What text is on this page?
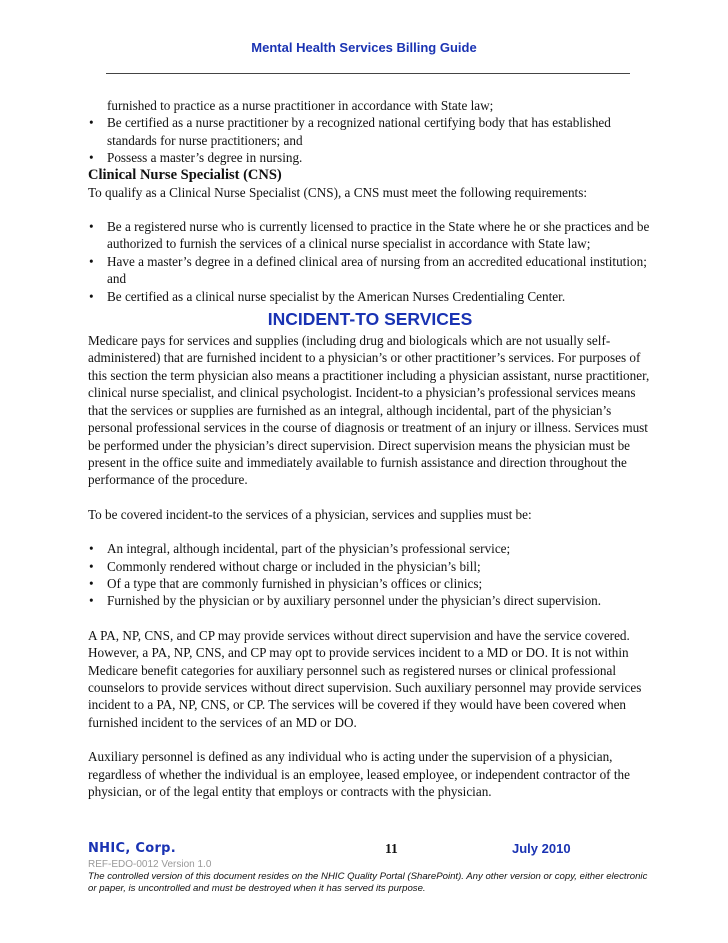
Mental Health Services Billing Guide

furnished to practice as a nurse practitioner in accordance with State law;

• Be certified as a nurse practitioner by a recognized national certifying body that has established standards for nurse practitioners; and
• Possess a master’s degree in nursing.
Clinical Nurse Specialist (CNS)

To qualify as a Clinical Nurse Specialist (CNS), a CNS must meet the following requirements:

• Be a registered nurse who is currently licensed to practice in the State where he or she practices and be authorized to furnish the services of a clinical nurse specialist in accordance with State law;
• Have a master’s degree in a defined clinical area of nursing from an accredited educational institution; and
• Be certified as a clinical nurse specialist by the American Nurses Credentialing Center.
INCIDENT-TO SERVICES

Medicare pays for services and supplies (including drug and biologicals which are not usually self-administered) that are furnished incident to a physician’s or other practitioner’s services. For purposes of this section the term physician also means a practitioner including a physician assistant, nurse practitioner, clinical nurse specialist, and clinical psychologist. Incident-to a physician’s professional services means that the services or supplies are furnished as an integral, although incidental, part of the physician’s personal professional services in the course of diagnosis or treatment of an injury or illness. Services must be performed under the physician’s direct supervision. Direct supervision means the physician must be present in the office suite and immediately available to furnish assistance and direction throughout the performance of the procedure.

To be covered incident-to the services of a physician, services and supplies must be:

• An integral, although incidental, part of the physician’s professional service;
• Commonly rendered without charge or included in the physician’s bill;
• Of a type that are commonly furnished in physician’s offices or clinics;
• Furnished by the physician or by auxiliary personnel under the physician’s direct supervision.

A PA, NP, CNS, and CP may provide services without direct supervision and have the service covered. However, a PA, NP, CNS, and CP may opt to provide services incident to a MD or DO. It is not within Medicare benefit categories for auxiliary personnel such as registered nurses or clinical professional counselors to provide services without direct supervision. Such auxiliary personnel may provide services incident to a PA, NP, CNS, or CP. The services will be covered if they would have been covered when furnished incident to the services of an MD or DO.

Auxiliary personnel is defined as any individual who is acting under the supervision of a physician, regardless of whether the individual is an employee, leased employee, or independent contractor of the physician, or of the legal entity that employs or contracts with the physician.

NHIC, Corp.	11	July 2010
REF-EDO-0012 Version 1.0
The controlled version of this document resides on the NHIC Quality Portal (SharePoint). Any other version or copy, either electronic or paper, is uncontrolled and must be destroyed when it has served its purpose.
